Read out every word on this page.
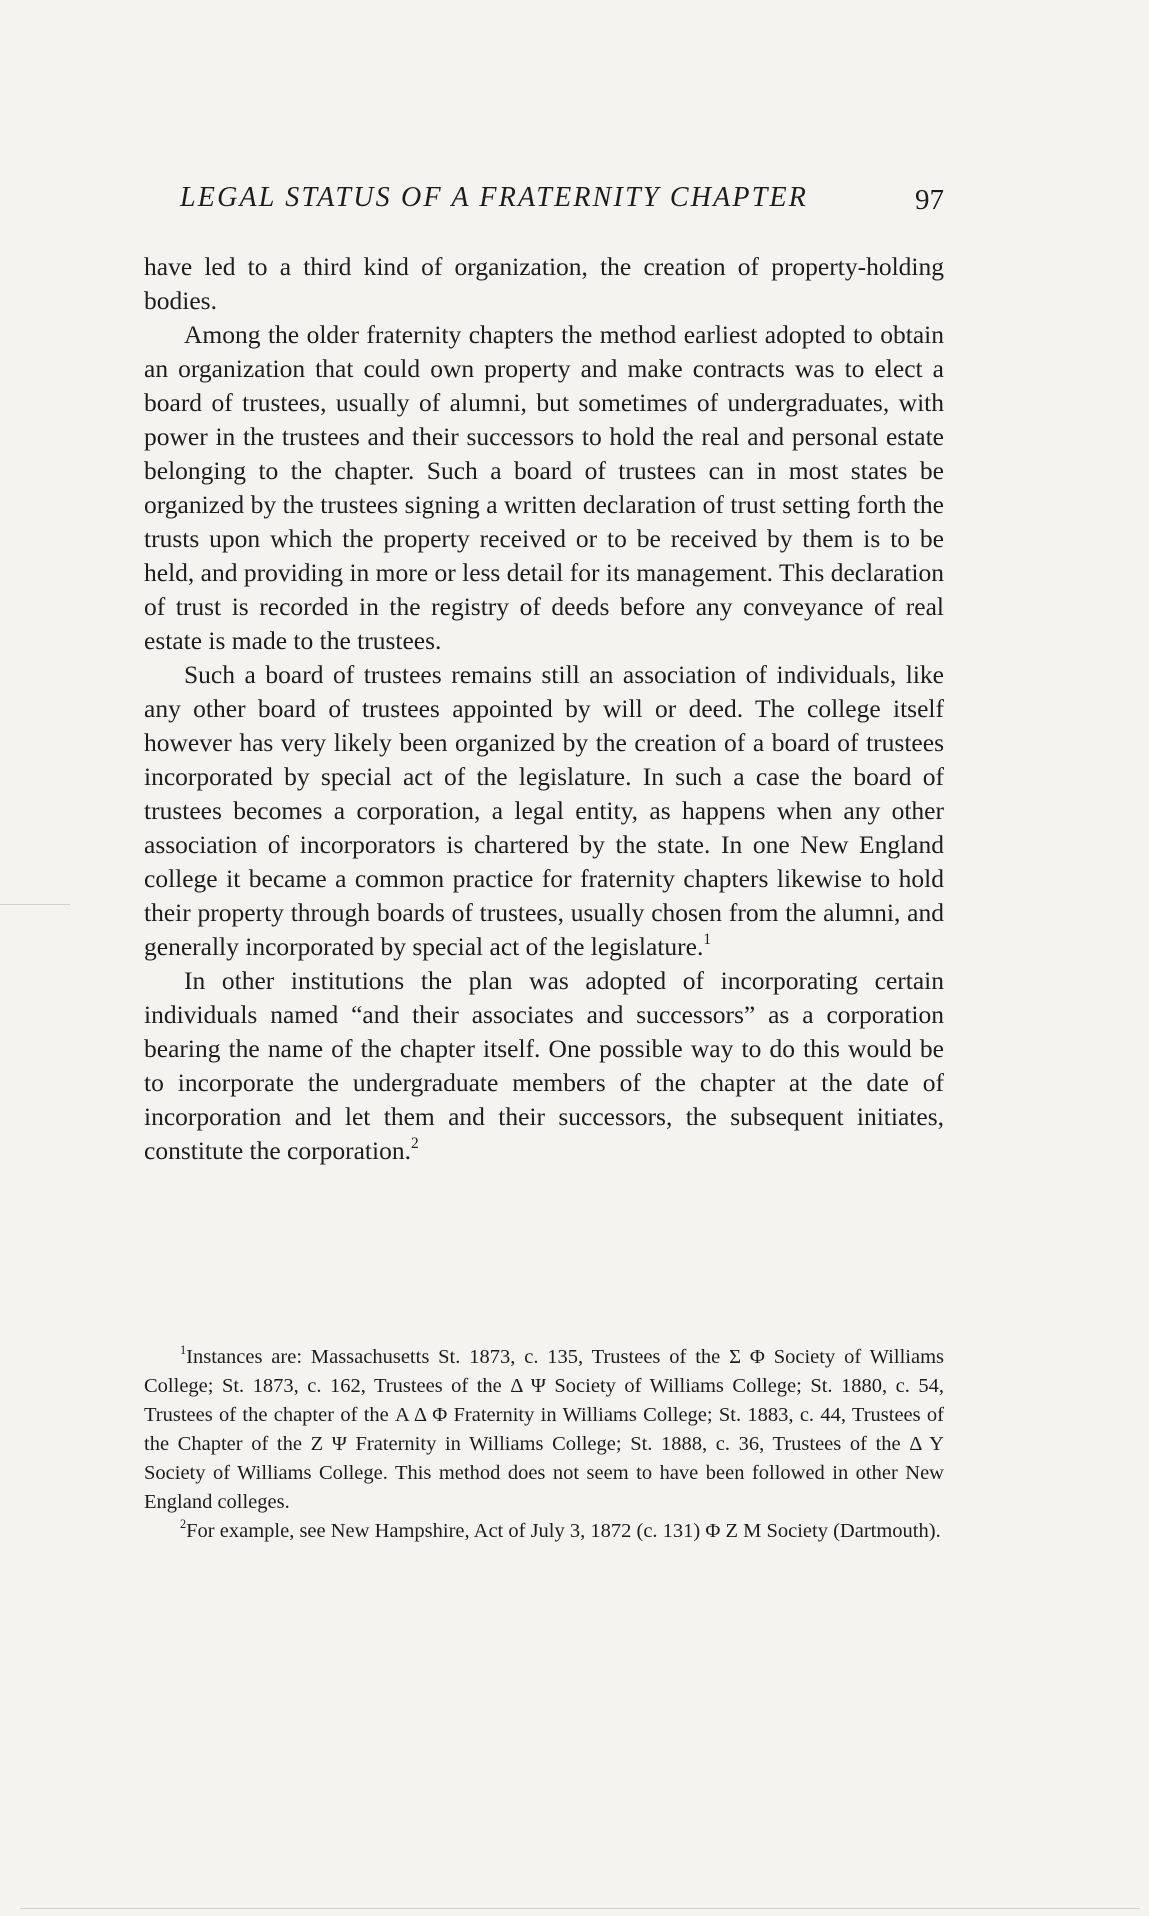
LEGAL STATUS OF A FRATERNITY CHAPTER	97

have led to a third kind of organization, the creation of property-holding bodies.

Among the older fraternity chapters the method earliest adopted to obtain an organization that could own property and make contracts was to elect a board of trustees, usually of alumni, but sometimes of undergraduates, with power in the trustees and their successors to hold the real and personal estate belonging to the chapter. Such a board of trustees can in most states be organized by the trustees signing a written declaration of trust setting forth the trusts upon which the property received or to be received by them is to be held, and providing in more or less detail for its management. This declaration of trust is recorded in the registry of deeds before any conveyance of real estate is made to the trustees.

Such a board of trustees remains still an association of individuals, like any other board of trustees appointed by will or deed. The college itself however has very likely been organized by the creation of a board of trustees incorporated by special act of the legislature. In such a case the board of trustees becomes a corporation, a legal entity, as happens when any other association of incorporators is chartered by the state. In one New England college it became a common practice for fraternity chapters likewise to hold their property through boards of trustees, usually chosen from the alumni, and generally incorporated by special act of the legislature.$^1$

In other institutions the plan was adopted of incorporating certain individuals named “and their associates and successors” as a corporation bearing the name of the chapter itself. One possible way to do this would be to incorporate the undergraduate members of the chapter at the date of incorporation and let them and their successors, the subsequent initiates, constitute the corporation.$^2$

$^1$Instances are: Massachusetts St. 1873, c. 135, Trustees of the Σ Φ Society of Williams College; St. 1873, c. 162, Trustees of the Δ Ψ Society of Williams College; St. 1880, c. 54, Trustees of the chapter of the Α Δ Φ Fraternity in Williams College; St. 1883, c. 44, Trustees of the Chapter of the Ζ Ψ Fraternity in Williams College; St. 1888, c. 36, Trustees of the Δ Υ Society of Williams College. This method does not seem to have been followed in other New England colleges.

$^2$For example, see New Hampshire, Act of July 3, 1872 (c. 131) Φ Ζ Μ Society (Dartmouth).
